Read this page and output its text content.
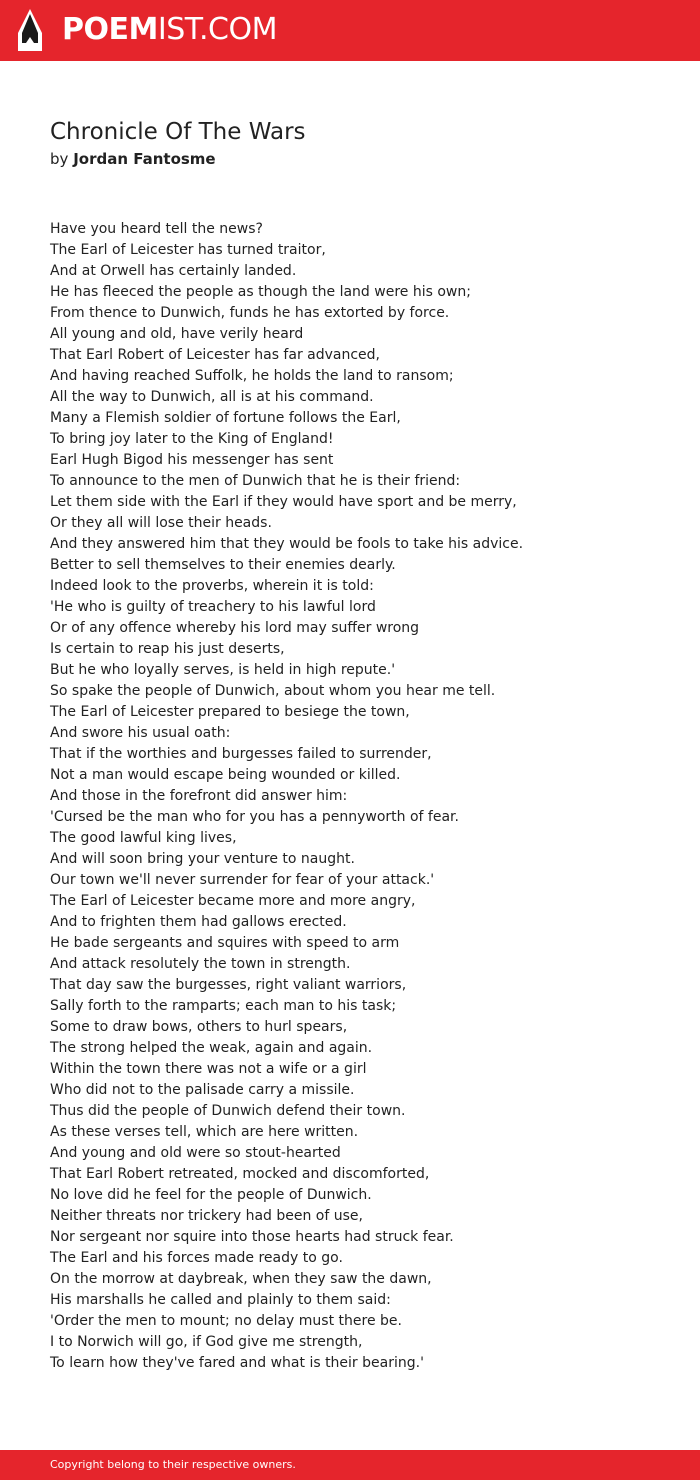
POEMIST.COM
Chronicle Of The Wars
by Jordan Fantosme
Have you heard tell the news?
The Earl of Leicester has turned traitor,
And at Orwell has certainly landed.
He has fleeced the people as though the land were his own;
From thence to Dunwich, funds he has extorted by force.
All young and old, have verily heard
That Earl Robert of Leicester has far advanced,
And having reached Suffolk, he holds the land to ransom;
All the way to Dunwich, all is at his command.
Many a Flemish soldier of fortune follows the Earl,
To bring joy later to the King of England!
Earl Hugh Bigod his messenger has sent
To announce to the men of Dunwich that he is their friend:
Let them side with the Earl if they would have sport and be merry,
Or they all will lose their heads.
And they answered him that they would be fools to take his advice.
Better to sell themselves to their enemies dearly.
Indeed look to the proverbs, wherein it is told:
'He who is guilty of treachery to his lawful lord
Or of any offence whereby his lord may suffer wrong
Is certain to reap his just deserts,
But he who loyally serves, is held in high repute.'
So spake the people of Dunwich, about whom you hear me tell.
The Earl of Leicester prepared to besiege the town,
And swore his usual oath:
That if the worthies and burgesses failed to surrender,
Not a man would escape being wounded or killed.
And those in the forefront did answer him:
'Cursed be the man who for you has a pennyworth of fear.
The good lawful king lives,
And will soon bring your venture to naught.
Our town we'll never surrender for fear of your attack.'
The Earl of Leicester became more and more angry,
And to frighten them had gallows erected.
He bade sergeants and squires with speed to arm
And attack resolutely the town in strength.
That day saw the burgesses, right valiant warriors,
Sally forth to the ramparts; each man to his task;
Some to draw bows, others to hurl spears,
The strong helped the weak, again and again.
Within the town there was not a wife or a girl
Who did not to the palisade carry a missile.
Thus did the people of Dunwich defend their town.
As these verses tell, which are here written.
And young and old were so stout-hearted
That Earl Robert retreated, mocked and discomforted,
No love did he feel for the people of Dunwich.
Neither threats nor trickery had been of use,
Nor sergeant nor squire into those hearts had struck fear.
The Earl and his forces made ready to go.
On the morrow at daybreak, when they saw the dawn,
His marshalls he called and plainly to them said:
'Order the men to mount; no delay must there be.
I to Norwich will go, if God give me strength,
To learn how they've fared and what is their bearing.'
Copyright belong to their respective owners.
